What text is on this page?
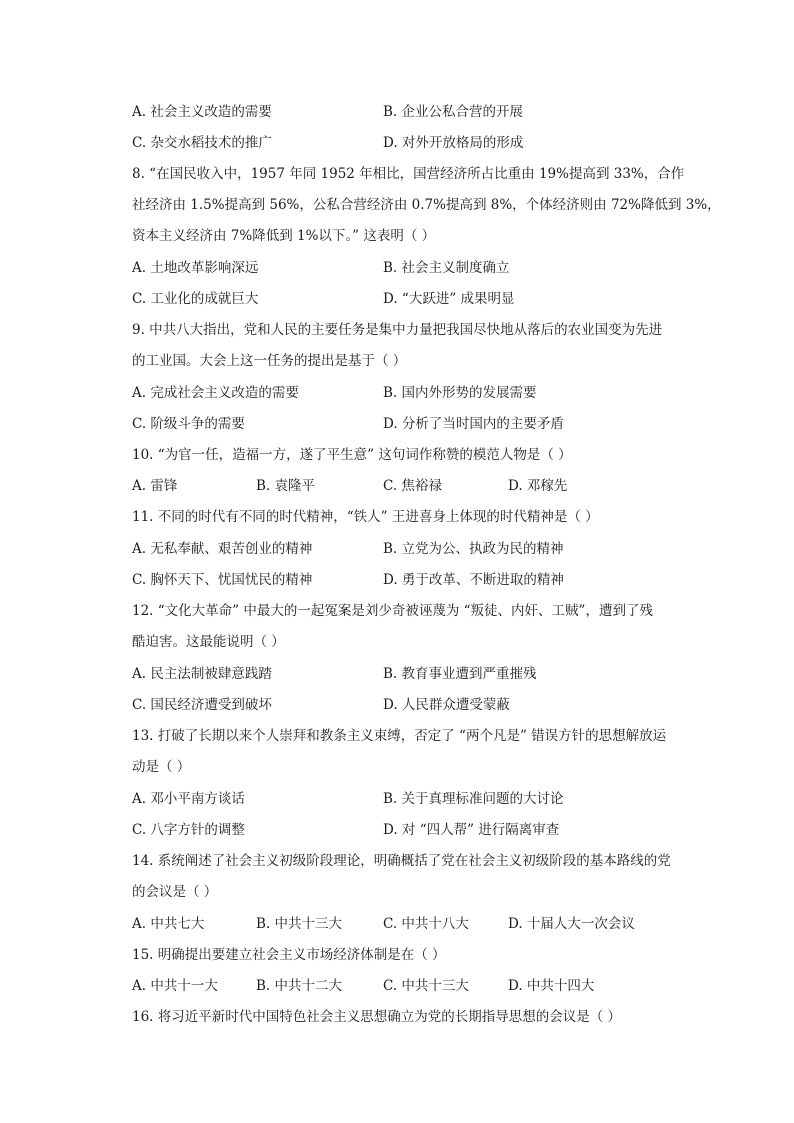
A. 社会主义改造的需要	B. 企业公私合营的开展
C. 杂交水稻技术的推广	D. 对外开放格局的形成
8. “在国民收入中，1957 年同 1952 年相比，国营经济所占比重由 19%提高到 33%，合作
社经济由 1.5%提高到 56%，公私合营经济由 0.7%提高到 8%，个体经济则由 72%降低到 3%，
资本主义经济由 7%降低到 1%以下。” 这表明（ ）
A. 土地改革影响深远	B. 社会主义制度确立
C. 工业化的成就巨大	D. “大跃进” 成果明显
9. 中共八大指出，党和人民的主要任务是集中力量把我国尽快地从落后的农业国变为先进
的工业国。大会上这一任务的提出是基于（ ）
A. 完成社会主义改造的需要	B. 国内外形势的发展需要
C. 阶级斗争的需要	D. 分析了当时国内的主要矛盾
10. “为官一任，造福一方，遂了平生意” 这句词作称赞的模范人物是（ ）
A. 雷锋	B. 袁隆平	C. 焦裕禄	D. 邓稼先
11. 不同的时代有不同的时代精神，“铁人” 王进喜身上体现的时代精神是（ ）
A. 无私奉献、艰苦创业的精神	B. 立党为公、执政为民的精神
C. 胸怀天下、忧国忧民的精神	D. 勇于改革、不断进取的精神
12. “文化大革命” 中最大的一起冤案是刘少奇被诬蔑为 “叛徒、内奸、工贼”，遭到了残
酷迫害。这最能说明（ ）
A. 民主法制被肆意践踏	B. 教育事业遭到严重摧残
C. 国民经济遭受到破坏	D. 人民群众遭受蒙蔽
13. 打破了长期以来个人崇拜和教条主义束缚，否定了 “两个凡是” 错误方针的思想解放运
动是（ ）
A. 邓小平南方谈话	B. 关于真理标准问题的大讨论
C. 八字方针的调整	D. 对 “四人帮” 进行隔离审查
14. 系统阐述了社会主义初级阶段理论，明确概括了党在社会主义初级阶段的基本路线的党
的会议是（ ）
A. 中共七大	B. 中共十三大	C. 中共十八大	D. 十届人大一次会议
15. 明确提出要建立社会主义市场经济体制是在（ ）
A. 中共十一大	B. 中共十二大	C. 中共十三大	D. 中共十四大
16. 将习近平新时代中国特色社会主义思想确立为党的长期指导思想的会议是（ ）
